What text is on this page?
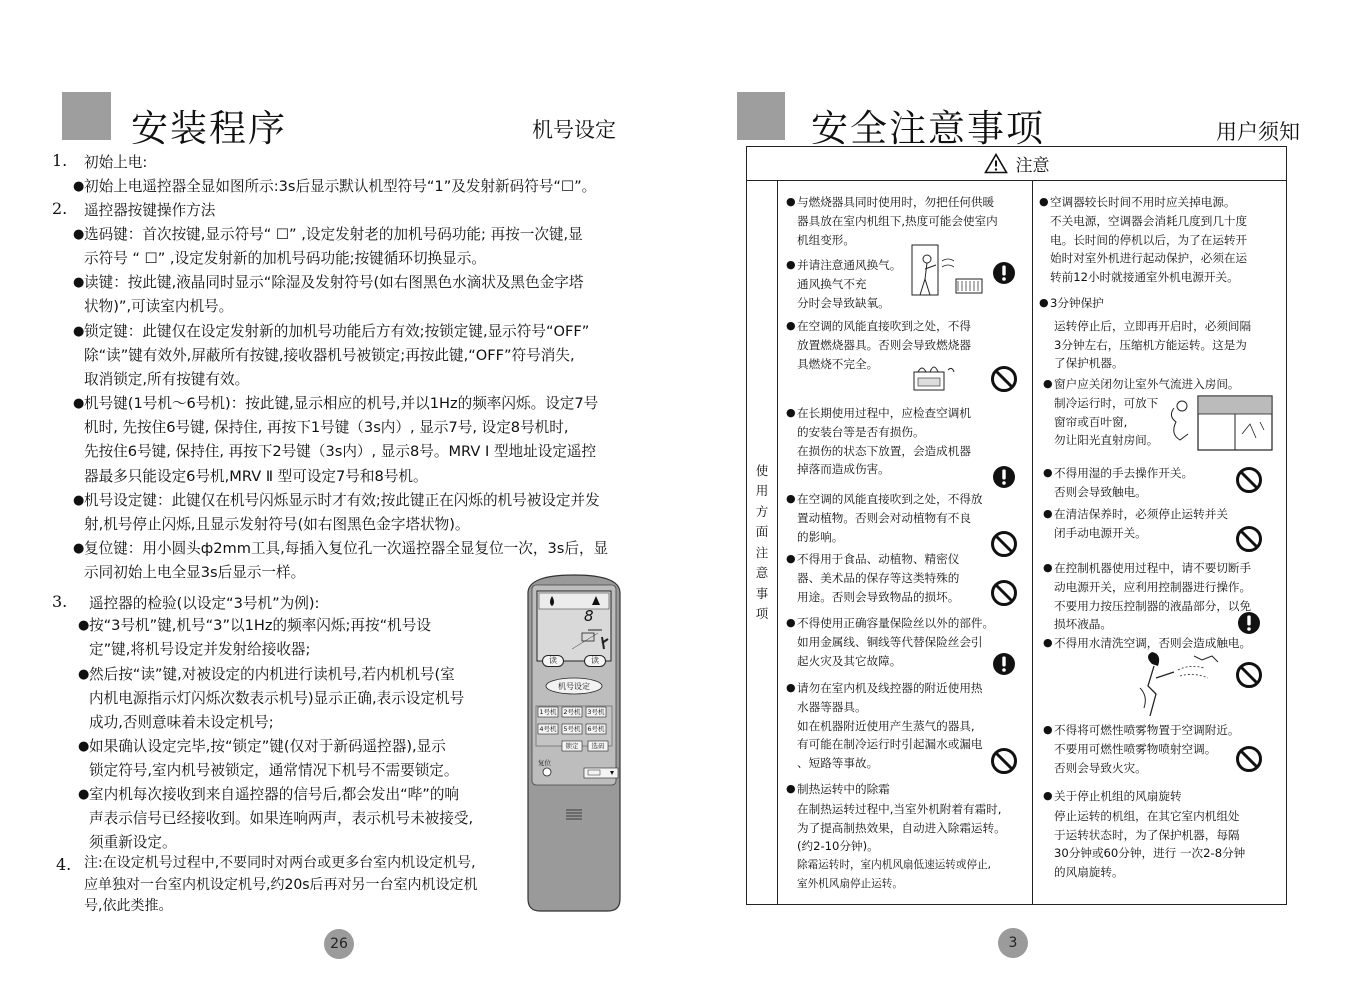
安装程序	机号设定
1. 初始上电:
● 初始上电遥控器全显如图所示:3s后显示默认机型符号“1”及发射新码符号“☐”。
2. 遥控器按键操作方法
● 选码键：首次按键,显示符号“ ☐” ,设定发射老的加机号码功能; 再按一次键,显
示符号 “ ☐” ,设定发射新的加机号码功能;按键循环切换显示。
● 读键：按此键,液晶同时显示“除湿及发射符号(如右图黑色水滴状及黑色金字塔
状物)”,可读室内机号。
● 锁定键：此键仅在设定发射新的加机号功能后方有效;按锁定键,显示符号“OFF”
除“读”键有效外,屏蔽所有按键,接收器机号被锁定;再按此键,“OFF”符号消失,
取消锁定,所有按键有效。
● 机号键(1号机～6号机)：按此键,显示相应的机号,并以1Hz的频率闪烁。设定7号
机时, 先按住6号键, 保持住, 再按下1号键（3s内）, 显示7号, 设定8号机时,
先按住6号键, 保持住, 再按下2号键（3s内）, 显示8号。MRV Ⅰ 型地址设定遥控
器最多只能设定6号机,MRV Ⅱ 型可设定7号和8号机。
● 机号设定键：此键仅在机号闪烁显示时才有效;按此键正在闪烁的机号被设定并发
射,机号停止闪烁,且显示发射符号(如右图黑色金字塔状物)。
● 复位键：用小圆头ф2mm工具,每插入复位孔一次遥控器全显复位一次，3s后，显
示同初始上电全显3s后显示一样。
3. 遥控器的检验(以设定“3号机”为例):
● 按“3号机”键,机号“3”以1Hz的频率闪烁;再按“机号设
定”键,将机号设定并发射给接收器;
● 然后按“读”键,对被设定的内机进行读机号,若内机机号(室
内机电源指示灯闪烁次数表示机号)显示正确,表示设定机号
成功,否则意味着未设定机号;
● 如果确认设定完毕,按“锁定”键(仅对于新码遥控器),显示
锁定符号,室内机号被锁定，通常情况下机号不需要锁定。
● 室内机每次接收到来自遥控器的信号后,都会发出“哔”的响
声表示信号已经接收到。如果连响两声，表示机号未被接受,
须重新设定。
4. 注:在设定机号过程中,不要同时对两台或更多台室内机设定机号,
应单独对一台室内机设定机号,约20s后再对另一台室内机设定机
号,依此类推。
8
读	读
机号设定
1号机 2号机 3号机
4号机 5号机 6号机
锁定	选码
复位
26
安全注意事项	用户须知
注意
使用方面注意事项
● 与燃烧器具同时使用时，勿把任何供暖
器具放在室内机组下,热度可能会使室内
机组变形。
● 并请注意通风换气。
通风换气不充
分时会导致缺氧。
● 在空调的风能直接吹到之处，不得
放置燃烧器具。否则会导致燃烧器
具燃烧不完全。
● 在长期使用过程中，应检查空调机
的安装台等是否有损伤。
在损伤的状态下放置，会造成机器
掉落而造成伤害。
● 在空调的风能直接吹到之处，不得放
置动植物。否则会对动植物有不良
的影响。
● 不得用于食品、动植物、精密仪
器、美术品的保存等这类特殊的
用途。否则会导致物品的损坏。
● 不得使用正确容量保险丝以外的部件。
如用金属线、铜线等代替保险丝会引
起火灾及其它故障。
● 请勿在室内机及线控器的附近使用热
水器等器具。
如在机器附近使用产生蒸气的器具,
有可能在制冷运行时引起漏水或漏电
、短路等事故。
● 制热运转中的除霜
在制热运转过程中,当室外机附着有霜时,
为了提高制热效果，自动进入除霜运转。
(约2-10分钟)。
除霜运转时，室内机风扇低速运转或停止,
室外机风扇停止运转。
● 空调器较长时间不用时应关掉电源。
不关电源，空调器会消耗几度到几十度
电。长时间的停机以后，为了在运转开
始时对室外机进行起动保护，必须在运
转前12小时就接通室外机电源开关。
● 3分钟保护
运转停止后，立即再开启时，必须间隔
3分钟左右，压缩机方能运转。这是为
了保护机器。
● 窗户应关闭勿让室外气流进入房间。
制冷运行时，可放下
窗帘或百叶窗,
勿让阳光直射房间。
● 不得用湿的手去操作开关。
否则会导致触电。
● 在清洁保养时，必须停止运转并关
闭手动电源开关。
● 在控制机器使用过程中，请不要切断手
动电源开关，应利用控制器进行操作。
不要用力按压控制器的液晶部分，以免
损坏液晶。
● 不得用水清洗空调，否则会造成触电。
● 不得将可燃性喷雾物置于空调附近。
不要用可燃性喷雾物喷射空调。
否则会导致火灾。
● 关于停止机组的风扇旋转
停止运转的机组，在其它室内机组处
于运转状态时，为了保护机器，每隔
30分钟或60分钟，进行 一次2-8分钟
的风扇旋转。
3
